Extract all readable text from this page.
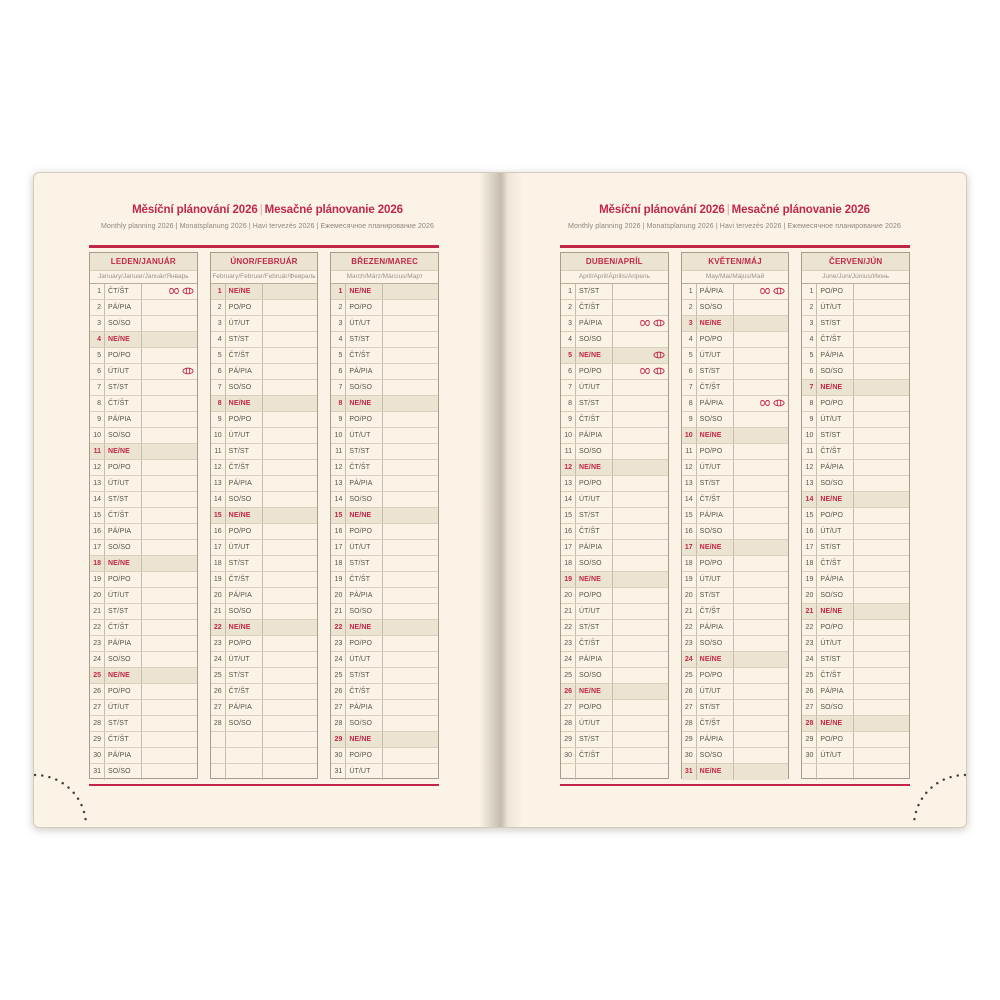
Měsíční plánování 2026 | Mesačné plánovanie 2026
Monthly planning 2026 | Monatsplanung 2026 | Havi tervezés 2026 | Ежемесячное планирование 2026
LEDEN/JANUÁR
January/Januar/Január/Январь
1	ČT/ŠT
2	PÁ/PIA
3	SO/SO
4	NE/NE
5	PO/PO
6	ÚT/UT
7	ST/ST
8	ČT/ŠT
9	PÁ/PIA
10	SO/SO
11	NE/NE
12	PO/PO
13	ÚT/UT
14	ST/ST
15	ČT/ŠT
16	PÁ/PIA
17	SO/SO
18	NE/NE
19	PO/PO
20	ÚT/UT
21	ST/ST
22	ČT/ŠT
23	PÁ/PIA
24	SO/SO
25	NE/NE
26	PO/PO
27	ÚT/UT
28	ST/ST
29	ČT/ŠT
30	PÁ/PIA
31	SO/SO
ÚNOR/FEBRUÁR
February/Februar/Február/Февраль
1	NE/NE
2	PO/PO
3	ÚT/UT
4	ST/ST
5	ČT/ŠT
6	PÁ/PIA
7	SO/SO
8	NE/NE
9	PO/PO
10	ÚT/UT
11	ST/ST
12	ČT/ŠT
13	PÁ/PIA
14	SO/SO
15	NE/NE
16	PO/PO
17	ÚT/UT
18	ST/ST
19	ČT/ŠT
20	PÁ/PIA
21	SO/SO
22	NE/NE
23	PO/PO
24	ÚT/UT
25	ST/ST
26	ČT/ŠT
27	PÁ/PIA
28	SO/SO
BŘEZEN/MAREC
March/März/Március/Март
1	NE/NE
2	PO/PO
3	ÚT/UT
4	ST/ST
5	ČT/ŠT
6	PÁ/PIA
7	SO/SO
8	NE/NE
9	PO/PO
10	ÚT/UT
11	ST/ST
12	ČT/ŠT
13	PÁ/PIA
14	SO/SO
15	NE/NE
16	PO/PO
17	ÚT/UT
18	ST/ST
19	ČT/ŠT
20	PÁ/PIA
21	SO/SO
22	NE/NE
23	PO/PO
24	ÚT/UT
25	ST/ST
26	ČT/ŠT
27	PÁ/PIA
28	SO/SO
29	NE/NE
30	PO/PO
31	ÚT/UT
Měsíční plánování 2026 | Mesačné plánovanie 2026
Monthly planning 2026 | Monatsplanung 2026 | Havi tervezés 2026 | Ежемесячное планирование 2026
DUBEN/APRÍL
April/April/Április/Апрель
1	ST/ST
2	ČT/ŠT
3	PÁ/PIA
4	SO/SO
5	NE/NE
6	PO/PO
7	ÚT/UT
8	ST/ST
9	ČT/ŠT
10	PÁ/PIA
11	SO/SO
12	NE/NE
13	PO/PO
14	ÚT/UT
15	ST/ST
16	ČT/ŠT
17	PÁ/PIA
18	SO/SO
19	NE/NE
20	PO/PO
21	ÚT/UT
22	ST/ST
23	ČT/ŠT
24	PÁ/PIA
25	SO/SO
26	NE/NE
27	PO/PO
28	ÚT/UT
29	ST/ST
30	ČT/ŠT
KVĚTEN/MÁJ
May/Mai/Május/Май
1	PÁ/PIA
2	SO/SO
3	NE/NE
4	PO/PO
5	ÚT/UT
6	ST/ST
7	ČT/ŠT
8	PÁ/PIA
9	SO/SO
10	NE/NE
11	PO/PO
12	ÚT/UT
13	ST/ST
14	ČT/ŠT
15	PÁ/PIA
16	SO/SO
17	NE/NE
18	PO/PO
19	ÚT/UT
20	ST/ST
21	ČT/ŠT
22	PÁ/PIA
23	SO/SO
24	NE/NE
25	PO/PO
26	ÚT/UT
27	ST/ST
28	ČT/ŠT
29	PÁ/PIA
30	SO/SO
31	NE/NE
ČERVEN/JÚN
June/Juni/Június/Июнь
1	PO/PO
2	ÚT/UT
3	ST/ST
4	ČT/ŠT
5	PÁ/PIA
6	SO/SO
7	NE/NE
8	PO/PO
9	ÚT/UT
10	ST/ST
11	ČT/ŠT
12	PÁ/PIA
13	SO/SO
14	NE/NE
15	PO/PO
16	ÚT/UT
17	ST/ST
18	ČT/ŠT
19	PÁ/PIA
20	SO/SO
21	NE/NE
22	PO/PO
23	ÚT/UT
24	ST/ST
25	ČT/ŠT
26	PÁ/PIA
27	SO/SO
28	NE/NE
29	PO/PO
30	ÚT/UT
